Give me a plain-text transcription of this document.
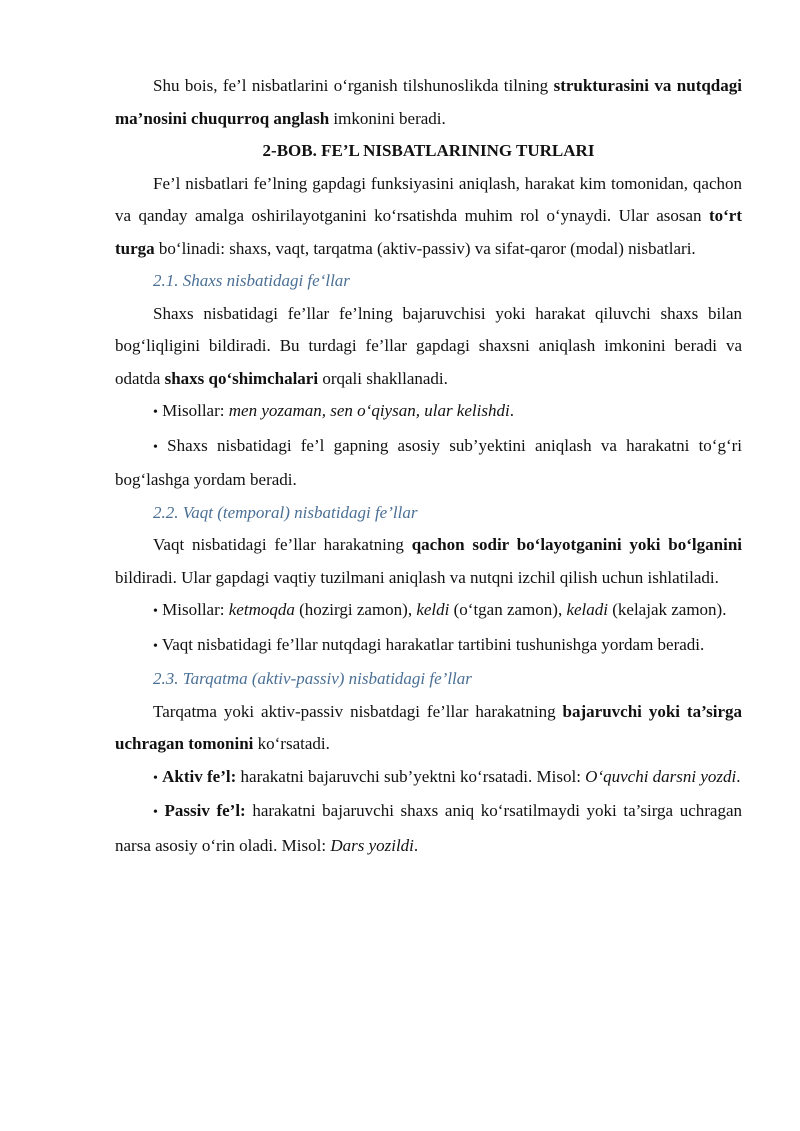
Shu bois, fe’l nisbatlarini o‘rganish tilshunoslikda tilning strukturasini va nutqdagi ma’nosini chuqurroq anglash imkonini beradi.

2-BOB. FE’L NISBATLARINING TURLARI

Fe’l nisbatlari fe’lning gapdagi funksiyasini aniqlash, harakat kim tomonidan, qachon va qanday amalga oshirilayotganini ko‘rsatishda muhim rol o‘ynaydi. Ular asosan to‘rt turga bo‘linadi: shaxs, vaqt, tarqatma (aktiv-passiv) va sifat-qaror (modal) nisbatlari.

2.1. Shaxs nisbatidagi fe‘llar

Shaxs nisbatidagi fe’llar fe’lning bajaruvchisi yoki harakat qiluvchi shaxs bilan bog‘liqligini bildiradi. Bu turdagi fe’llar gapdagi shaxsni aniqlash imkonini beradi va odatda shaxs qo‘shimchalari orqali shakllanadi.

• Misollar: men yozaman, sen o‘qiysan, ular kelishdi.

• Shaxs nisbatidagi fe’l gapning asosiy sub’yektini aniqlash va harakatni to‘g‘ri bog‘lashga yordam beradi.

2.2. Vaqt (temporal) nisbatidagi fe’llar

Vaqt nisbatidagi fe’llar harakatning qachon sodir bo‘layotganini yoki bo‘lganini bildiradi. Ular gapdagi vaqtiy tuzilmani aniqlash va nutqni izchil qilish uchun ishlatiladi.

• Misollar: ketmoqda (hozirgi zamon), keldi (o‘tgan zamon), keladi (kelajak zamon).

• Vaqt nisbatidagi fe’llar nutqdagi harakatlar tartibini tushunishga yordam beradi.

2.3. Tarqatma (aktiv-passiv) nisbatidagi fe’llar

Tarqatma yoki aktiv-passiv nisbatdagi fe’llar harakatning bajaruvchi yoki ta’sirga uchragan tomonini ko‘rsatadi.

• Aktiv fe’l: harakatni bajaruvchi sub’yektni ko‘rsatadi. Misol: O‘quvchi darsni yozdi.

• Passiv fe’l: harakatni bajaruvchi shaxs aniq ko‘rsatilmaydi yoki ta’sirga uchragan narsa asosiy o‘rin oladi. Misol: Dars yozildi.
